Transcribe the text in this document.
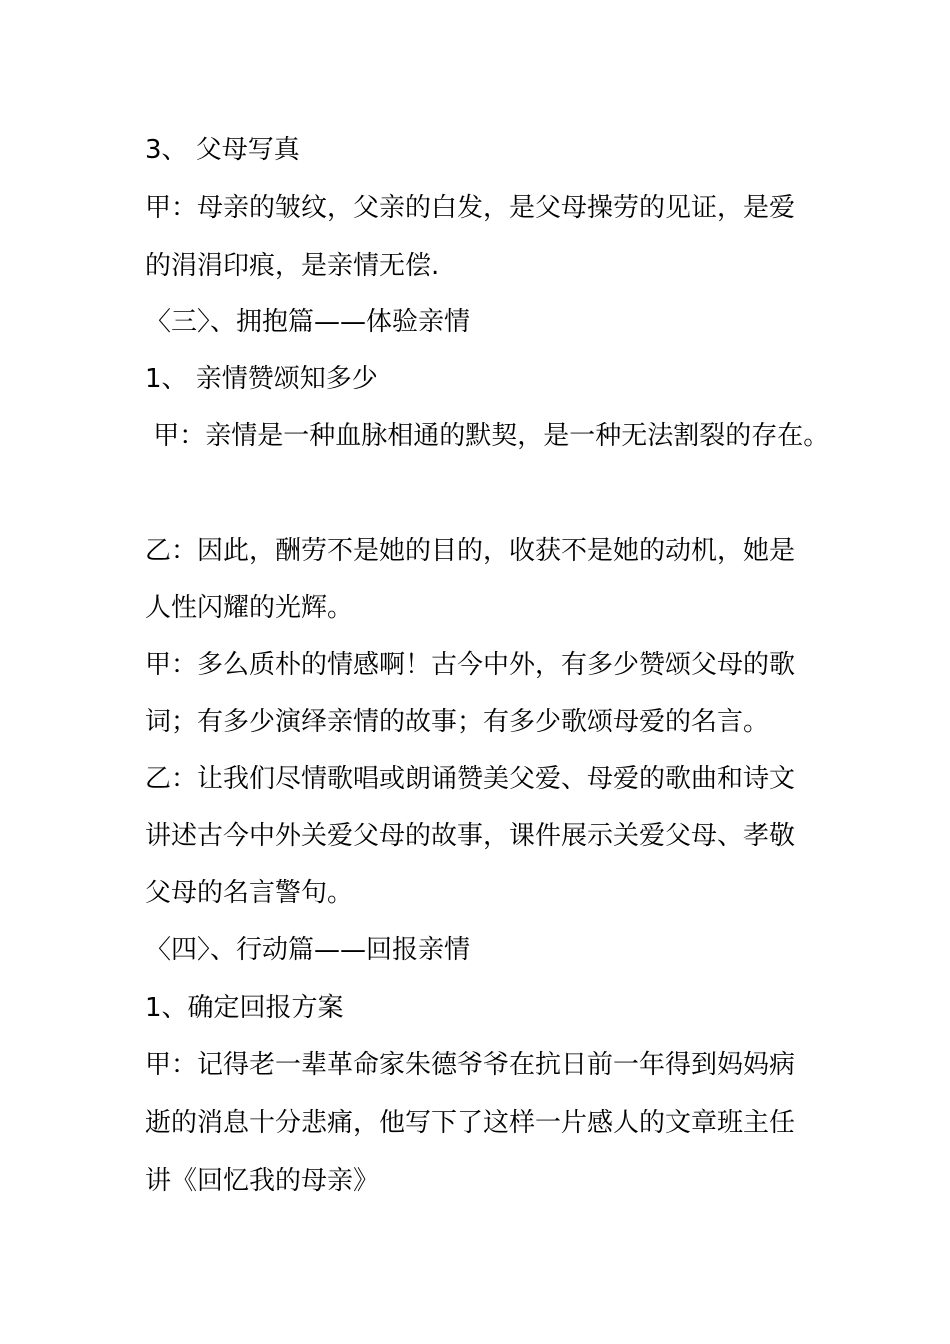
3、 父母写真
甲：母亲的皱纹，父亲的白发，是父母操劳的见证，是爱
的涓涓印痕，是亲情无偿.
〈三〉、拥抱篇——体验亲情
1、 亲情赞颂知多少
甲：亲情是一种血脉相通的默契，是一种无法割裂的存在。
乙：因此，酬劳不是她的目的，收获不是她的动机，她是
人性闪耀的光辉。
甲：多么质朴的情感啊！古今中外，有多少赞颂父母的歌
词；有多少演绎亲情的故事；有多少歌颂母爱的名言。
乙：让我们尽情歌唱或朗诵赞美父爱、母爱的歌曲和诗文
讲述古今中外关爱父母的故事，课件展示关爱父母、孝敬
父母的名言警句。
〈四〉、行动篇——回报亲情
1、确定回报方案
甲：记得老一辈革命家朱德爷爷在抗日前一年得到妈妈病
逝的消息十分悲痛，他写下了这样一片感人的文章班主任
讲《回忆我的母亲》
